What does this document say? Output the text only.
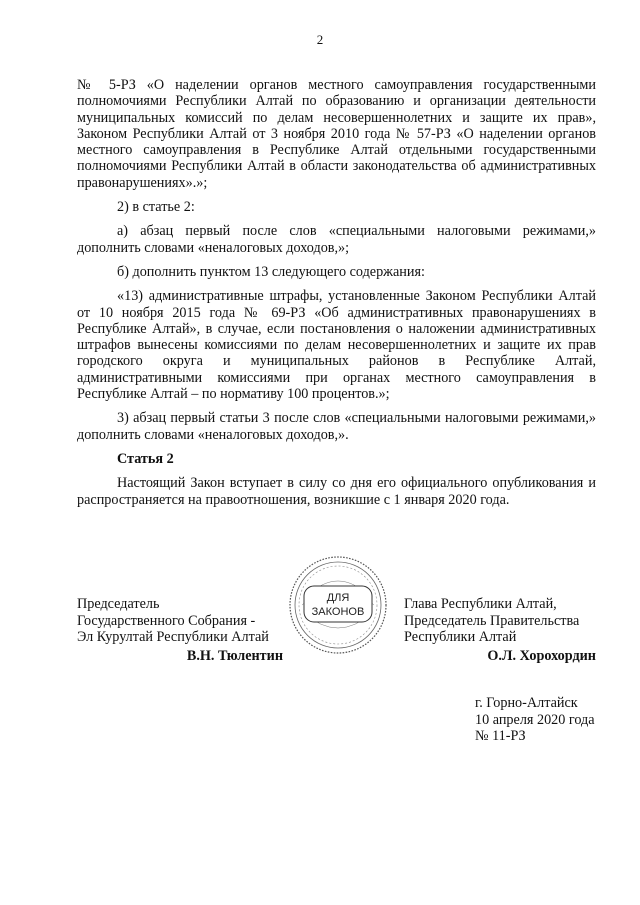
2

№ 5-РЗ «О наделении органов местного самоуправления государственными полномочиями Республики Алтай по образованию и организации деятельности муниципальных комиссий по делам несовершеннолетних и защите их прав», Законом Республики Алтай от 3 ноября 2010 года № 57-РЗ «О наделении органов местного самоуправления в Республике Алтай отдельными государственными полномочиями Республики Алтай в области законодательства об административных правонарушениях».»;

2) в статье 2:

а) абзац первый после слов «специальными налоговыми режимами,» дополнить словами «неналоговых доходов,»;

б) дополнить пунктом 13 следующего содержания:

«13) административные штрафы, установленные Законом Республики Алтай от 10 ноября 2015 года № 69-РЗ «Об административных правонарушениях в Республике Алтай», в случае, если постановления о наложении административных штрафов вынесены комиссиями по делам несовершеннолетних и защите их прав городского округа и муниципальных районов в Республике Алтай, административными комиссиями при органах местного самоуправления в Республике Алтай – по нормативу 100 процентов.»;

3) абзац первый статьи 3 после слов «специальными налоговыми режимами,» дополнить словами «неналоговых доходов,».

Статья 2

Настоящий Закон вступает в силу со дня его официального опубликования и распространяется на правоотношения, возникшие с 1 января 2020 года.

ДЛЯ
ЗАКОНОВ
Председатель
Государственного Собрания -
Эл Курултай Республики Алтай
В.Н. Тюлентин
Глава Республики Алтай,
Председатель Правительства
Республики Алтай
О.Л. Хорохордин
г. Горно-Алтайск
10 апреля 2020 года
№ 11-РЗ
